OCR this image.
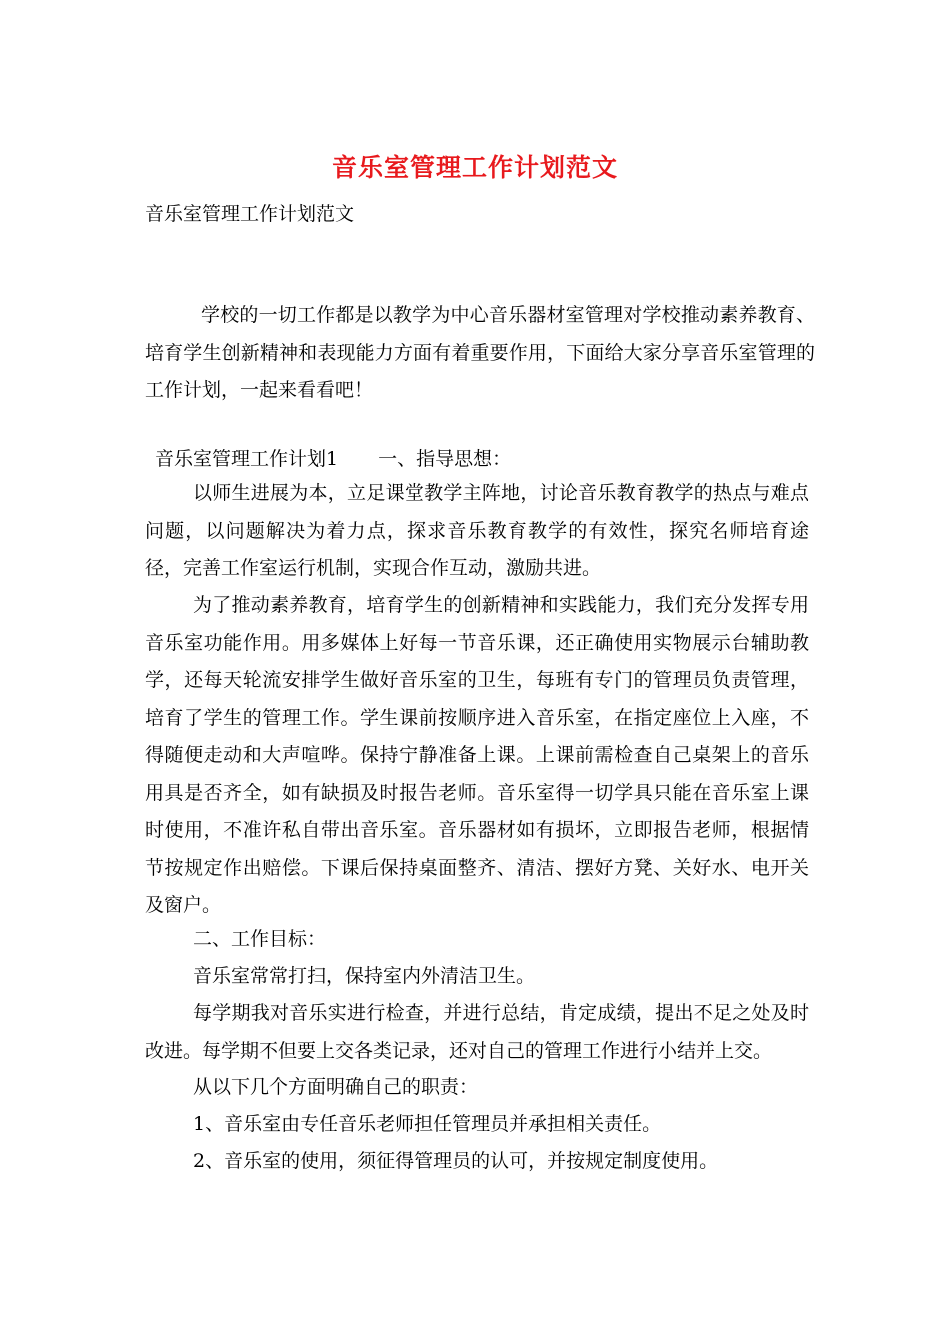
音乐室管理工作计划范文
音乐室管理工作计划范文
学校的一切工作都是以教学为中心音乐器材室管理对学校推动素养教育、培育学生创新精神和表现能力方面有着重要作用，下面给大家分享音乐室管理的工作计划，一起来看看吧！
音乐室管理工作计划1 一、指导思想：
以师生进展为本，立足课堂教学主阵地，讨论音乐教育教学的热点与难点问题，以问题解决为着力点，探求音乐教育教学的有效性，探究名师培育途径，完善工作室运行机制，实现合作互动，激励共进。
为了推动素养教育，培育学生的创新精神和实践能力，我们充分发挥专用音乐室功能作用。用多媒体上好每一节音乐课，还正确使用实物展示台辅助教学，还每天轮流安排学生做好音乐室的卫生，每班有专门的管理员负责管理，培育了学生的管理工作。学生课前按顺序进入音乐室，在指定座位上入座，不得随便走动和大声喧哗。保持宁静准备上课。上课前需检查自己桌架上的音乐用具是否齐全，如有缺损及时报告老师。音乐室得一切学具只能在音乐室上课时使用，不准许私自带出音乐室。音乐器材如有损坏，立即报告老师，根据情节按规定作出赔偿。下课后保持桌面整齐、清洁、摆好方凳、关好水、电开关及窗户。
二、工作目标：
音乐室常常打扫，保持室内外清洁卫生。
每学期我对音乐实进行检查，并进行总结，肯定成绩，提出不足之处及时改进。每学期不但要上交各类记录，还对自己的管理工作进行小结并上交。
从以下几个方面明确自己的职责：
1、音乐室由专任音乐老师担任管理员并承担相关责任。
2、音乐室的使用，须征得管理员的认可，并按规定制度使用。
